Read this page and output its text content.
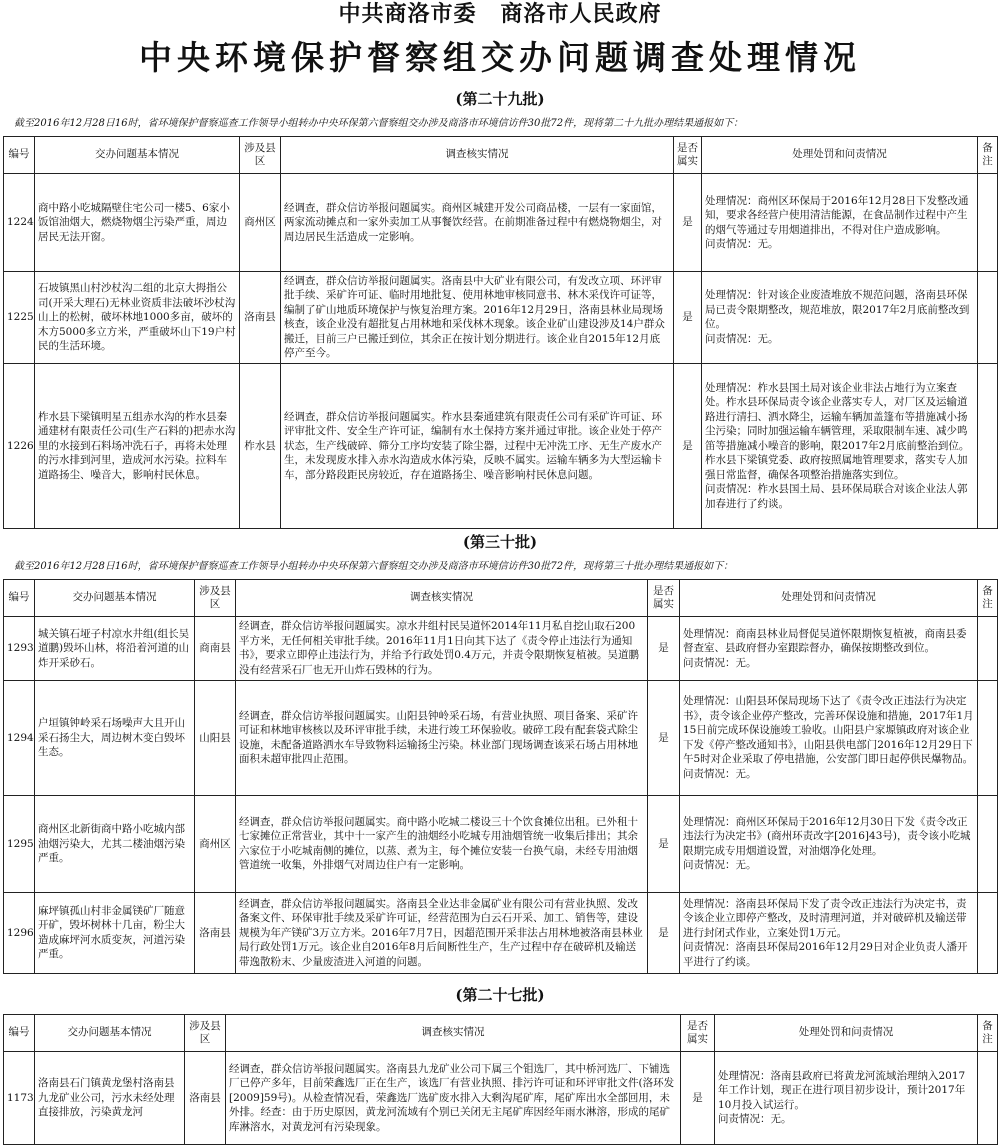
中共商洛市委 商洛市人民政府
中央环境保护督察组交办问题调查处理情况
(第二十九批)
截至2016年12月28日16时，省环境保护督察巡查工作领导小组转办中央环保第六督察组交办涉及商洛市环境信访件30批72件，现将第二十九批办理结果通报如下：
编号	交办问题基本情况	涉及县区	调查核实情况	是否属实	处理处罚和问责情况	备注
1224	商中路小吃城隔壁住宅公司一楼5、6家小饭馆油烟大，燃烧物烟尘污染严重，周边居民无法开窗。	商州区	经调查，群众信访举报问题属实。商州区城建开发公司商品楼，一层有一家面馆，两家流动摊点和一家外卖加工从事餐饮经营。在前期准备过程中有燃烧物烟尘，对周边居民生活造成一定影响。	是	处理情况：商州区环保局于2016年12月28日下发整改通知，要求各经营户使用清洁能源，在食品制作过程中产生的烟气等通过专用烟道排出，不得对住户造成影响。
问责情况：无。	

1225	石坡镇黑山村沙杖沟二组的北京大拇指公司(开采大理石)无林业资质非法破坏沙杖沟山上的松树，破坏林地1000多亩，破坏的木方5000多立方米，严重破坏山下19户村民的生活环境。	洛南县	经调查，群众信访举报问题属实。洛南县中大矿业有限公司，有发改立项、环评审批手续、采矿许可证、临时用地批复、使用林地审核同意书、林木采伐许可证等，编制了矿山地质环境保护与恢复治理方案。2016年12月29日，洛南县林业局现场核查，该企业没有超批复占用林地和采伐林木现象。该企业矿山建设涉及14户群众搬迁，目前三户已搬迁到位，其余正在按计划分期进行。该企业自2015年12月底停产至今。	是	处理情况：针对该企业废渣堆放不规范问题，洛南县环保局已责令限期整改，规范堆放，限2017年2月底前整改到位。
问责情况：无。	

1226	柞水县下梁镇明星五组赤水沟的柞水县秦通建材有限责任公司(生产石料的)把赤水沟里的水接到石料场冲洗石子，再将未处理的污水排到河里，造成河水污染。拉料车道路扬尘、噪音大，影响村民休息。	柞水县	经调查，群众信访举报问题属实。柞水县秦通建筑有限责任公司有采矿许可证、环评审批文件、安全生产许可证，编制有水土保持方案并通过审批。该企业处于停产状态，生产线破碎、筛分工序均安装了除尘器，过程中无冲洗工序、无生产废水产生，未发现废水排入赤水沟造成水体污染，反映不属实。运输车辆多为大型运输卡车，部分路段距民房较近，存在道路扬尘、噪音影响村民休息问题。	是	处理情况：柞水县国土局对该企业非法占地行为立案查处。柞水县环保局责令该企业落实专人，对厂区及运输道路进行清扫、洒水降尘，运输车辆加盖篷布等措施减小扬尘污染；同时加强运输车辆管理，采取限制车速、减少鸣笛等措施减小噪音的影响，限2017年2月底前整治到位。柞水县下梁镇党委、政府按照属地管理要求，落实专人加强日常监督，确保各项整治措施落实到位。
问责情况：柞水县国土局、县环保局联合对该企业法人郭加春进行了约谈。	

(第三十批)
截至2016年12月28日16时，省环境保护督察巡查工作领导小组转办中央环保第六督察组交办涉及商洛市环境信访件30批72件，现将第三十批办理结果通报如下：
编号	交办问题基本情况	涉及县区	调查核实情况	是否属实	处理处罚和问责情况	备注
1293	城关镇石垭子村凉水井组(组长吴道鹏)毁坏山林，将沿着河道的山炸开采砂石。	商南县	经调查，群众信访举报问题属实。凉水井组村民吴道怀2014年11月私自挖山取石200平方米，无任何相关审批手续。2016年11月1日向其下达了《责令停止违法行为通知书》，要求立即停止违法行为，并给予行政处罚0.4万元，并责令限期恢复植被。吴道鹏没有经营采石厂也无开山炸石毁林的行为。	是	处理情况：商南县林业局督促吴道怀限期恢复植被，商南县委督查室、县政府督办室跟踪督办，确保按期整改到位。
问责情况：无。	

1294	户垣镇钟岭采石场噪声大且开山采石扬尘大，周边树木变白毁坏生态。	山阳县	经调查，群众信访举报问题属实。山阳县钟岭采石场，有营业执照、项目备案、采矿许可证和林地审核核以及环评审批手续，未进行竣工环保验收。破碎工段有配套袋式除尘设施，未配备道路洒水车导致物料运输扬尘污染。林业部门现场调查该采石场占用林地面积未超审批四止范围。	是	处理情况：山阳县环保局现场下达了《责令改正违法行为决定书》，责令该企业停产整改，完善环保设施和措施，2017年1月15日前完成环保设施竣工验收。山阳县户家塬镇政府对该企业下发《停产整改通知书》，山阳县供电部门2016年12月29日下午5时对企业采取了停电措施，公安部门即日起停供民爆物品。
问责情况：无。	

1295	商州区北新街商中路小吃城内部油烟污染大，尤其二楼油烟污染严重。	商州区	经调查，群众信访举报问题属实。商中路小吃城二楼设三十个饮食摊位出租。已外租十七家摊位正常营业，其中十一家产生的油烟经小吃城专用油烟管统一收集后排出；其余六家位于小吃城南侧的摊位，以蒸、煮为主，每个摊位安装一台换气扇，未经专用油烟管道统一收集，外排烟气对周边住户有一定影响。	是	处理情况：商州区环保局于2016年12月30日下发《责令改正违法行为决定书》(商州环责改字[2016]43号)，责令该小吃城限期完成专用烟道设置，对油烟净化处理。
问责情况：无。	

1296	麻坪镇孤山村非金属镁矿厂随意开矿，毁坏树林十几亩，粉尘大造成麻坪河水质变灰，河道污染严重。	洛南县	经调查，群众信访举报问题属实。洛南县全业达非金属矿业有限公司有营业执照、发改备案文件、环保审批手续及采矿许可证，经营范围为白云石开采、加工、销售等，建设规模为年产镁矿3万立方米。2016年7月7日，因超范围开采非法占用林地被洛南县林业局行政处罚1万元。该企业自2016年8月后间断性生产，生产过程中存在破碎机及输送带逸散粉末、少量废渣进入河道的问题。	是	处理情况：洛南县环保局下发了责令改正违法行为决定书，责令该企业立即停产整改，及时清理河道，并对破碎机及输送带进行封闭式作业，立案处罚1万元。
问责情况：洛南县环保局2016年12月29日对企业负责人潘开平进行了约谈。	

(第二十七批)
编号	交办问题基本情况	涉及县区	调查核实情况	是否属实	处理处罚和问责情况	备注
1173	洛南县石门镇黄龙堡村洛南县九龙矿业公司，污水未经处理直接排放，污染黄龙河	洛南县	经调查，群众信访举报问题属实。洛南县九龙矿业公司下属三个钼选厂，其中桥河选厂、下铺选厂已停产多年，目前荣鑫选厂正在生产，该选厂有营业执照、排污许可证和环评审批文件(洛环发[2009]59号)。从检查情况看，荣鑫选厂选矿废水排入大剩沟尾矿库，尾矿库出水全部回用，未外排。经查：由于历史原因，黄龙河流域有个别已关闭无主尾矿库因经年雨水淋溶，形成的尾矿库淋溶水，对黄龙河有污染现象。	是	处理情况：洛南县政府已将黄龙河流域治理纳入2017年工作计划，现正在进行项目初步设计，预计2017年10月投入试运行。
问责情况：无。	
